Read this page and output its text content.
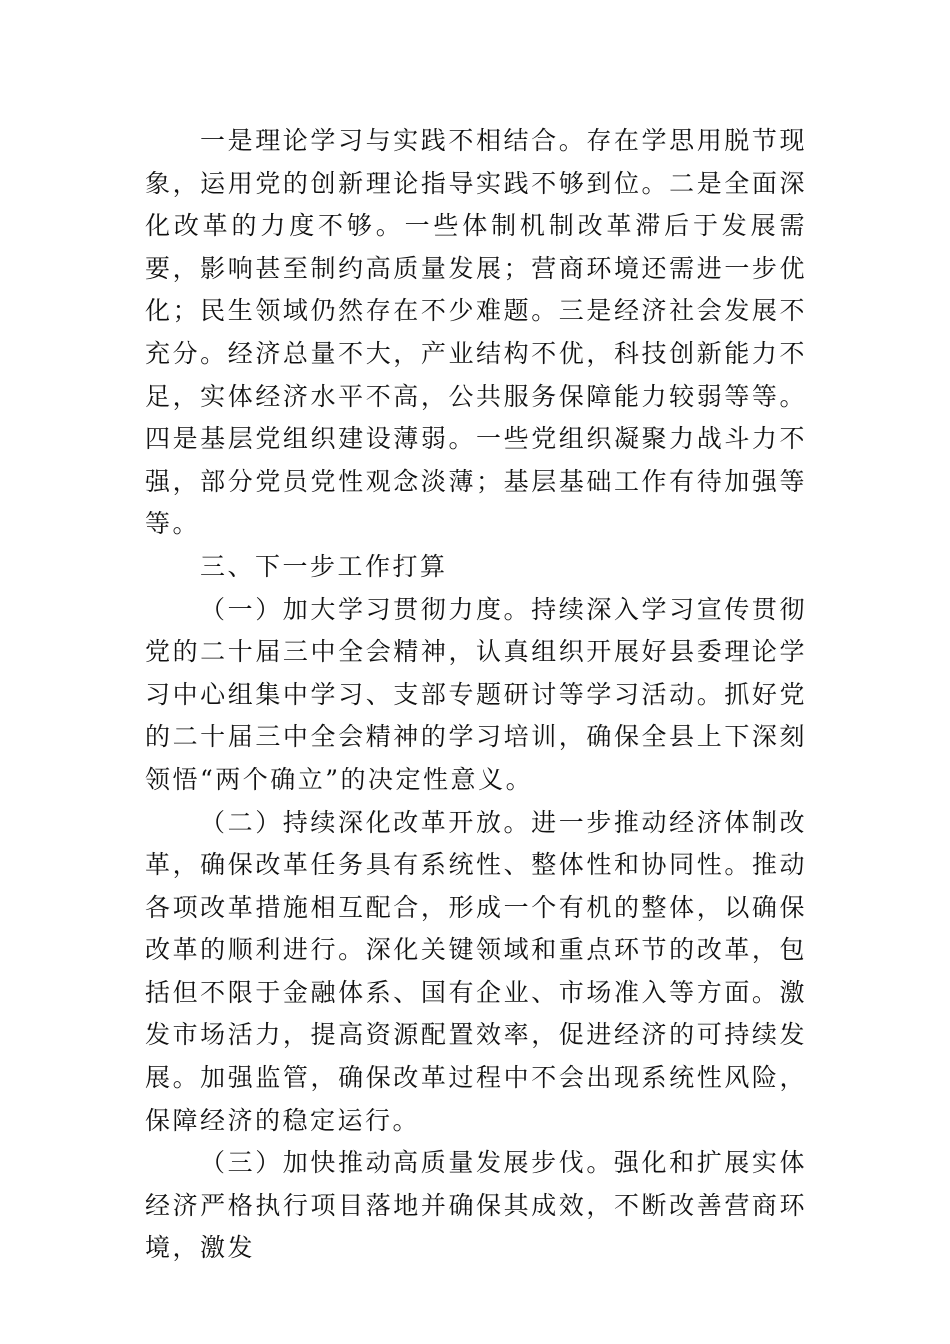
一是理论学习与实践不相结合。存在学思用脱节现象，运用党的创新理论指导实践不够到位。二是全面深化改革的力度不够。一些体制机制改革滞后于发展需要，影响甚至制约高质量发展；营商环境还需进一步优化；民生领域仍然存在不少难题。三是经济社会发展不充分。经济总量不大，产业结构不优，科技创新能力不足，实体经济水平不高，公共服务保障能力较弱等等。四是基层党组织建设薄弱。一些党组织凝聚力战斗力不强，部分党员党性观念淡薄；基层基础工作有待加强等等。

三、下一步工作打算

（一）加大学习贯彻力度。持续深入学习宣传贯彻党的二十届三中全会精神，认真组织开展好县委理论学习中心组集中学习、支部专题研讨等学习活动。抓好党的二十届三中全会精神的学习培训，确保全县上下深刻领悟“两个确立”的决定性意义。

（二）持续深化改革开放。进一步推动经济体制改革，确保改革任务具有系统性、整体性和协同性。推动各项改革措施相互配合，形成一个有机的整体，以确保改革的顺利进行。深化关键领域和重点环节的改革，包括但不限于金融体系、国有企业、市场准入等方面。激发市场活力，提高资源配置效率，促进经济的可持续发展。加强监管，确保改革过程中不会出现系统性风险，保障经济的稳定运行。

（三）加快推动高质量发展步伐。强化和扩展实体经济严格执行项目落地并确保其成效，不断改善营商环境，激发
